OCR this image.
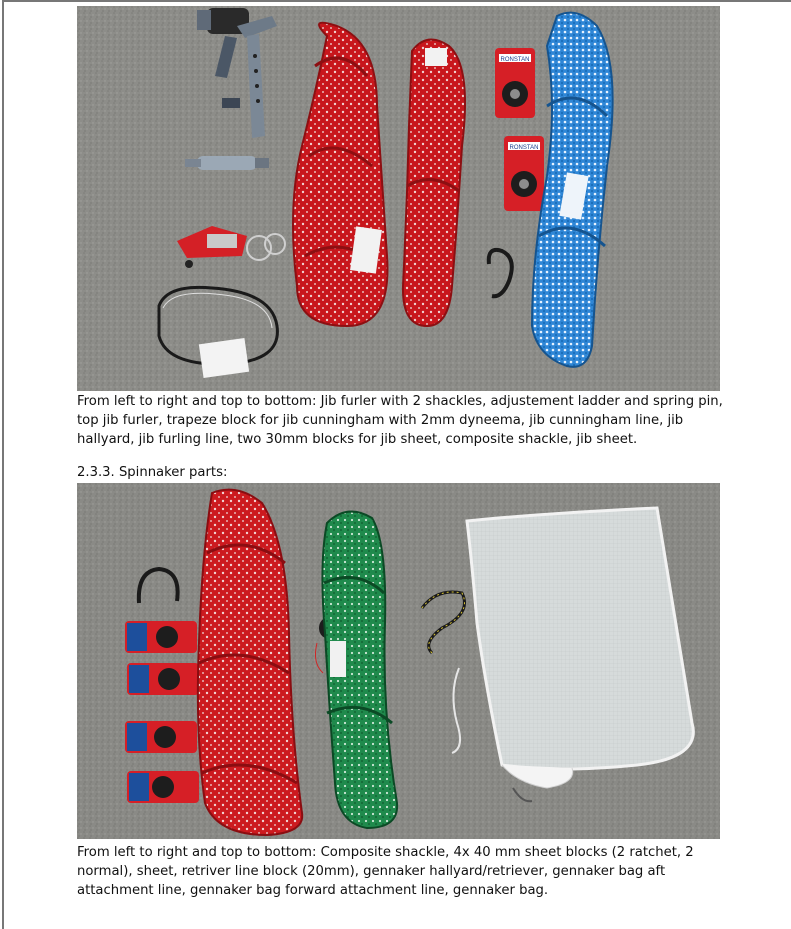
RONSTAN
RONSTAN
From left to right and top to bottom: Jib furler with 2 shackles, adjustement ladder and spring pin, top jib furler, trapeze block for jib cunningham with 2mm dyneema, jib cunningham line, jib hallyard, jib furling line, two 30mm blocks for jib sheet, composite shackle, jib sheet.
2.3.3. Spinnaker parts:
From left to right and top to bottom: Composite shackle, 4x 40 mm sheet blocks (2 ratchet, 2 normal), sheet, retriver line block (20mm), gennaker hallyard/retriever, gennaker bag aft attachment line, gennaker bag forward attachment line, gennaker bag.
